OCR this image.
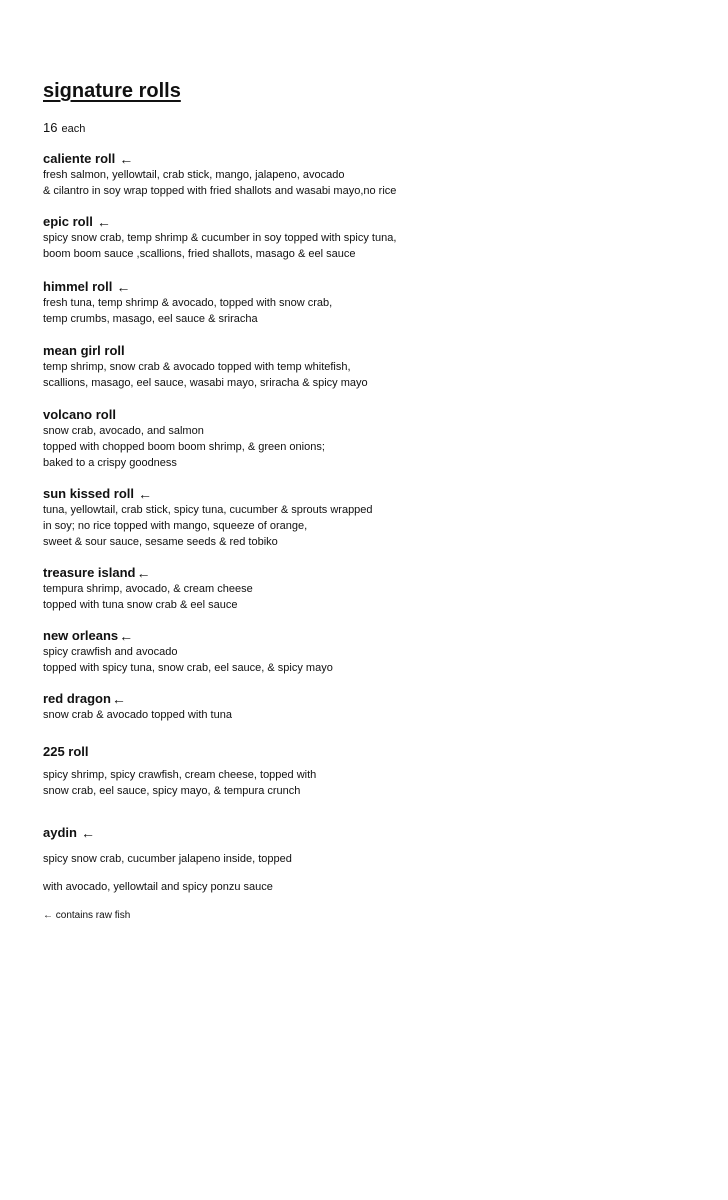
signature rolls
16 each
caliente roll ←
fresh salmon, yellowtail, crab stick, mango, jalapeno, avocado
& cilantro in soy wrap topped with fried shallots and wasabi mayo,no rice
epic roll ←
spicy snow crab, temp shrimp & cucumber in soy topped with spicy tuna,
boom boom sauce ,scallions, fried shallots, masago & eel sauce
himmel roll ←
fresh tuna, temp shrimp & avocado, topped with snow crab,
temp crumbs, masago, eel sauce & sriracha
mean girl roll
temp shrimp, snow crab & avocado topped with temp whitefish,
scallions, masago, eel sauce, wasabi mayo, sriracha & spicy mayo
volcano roll
snow crab, avocado, and salmon
topped with chopped boom boom shrimp, & green onions;
baked to a crispy goodness
sun kissed roll ←
tuna, yellowtail, crab stick, spicy tuna, cucumber & sprouts wrapped
in soy; no rice topped with mango, squeeze of orange,
sweet & sour sauce, sesame seeds & red tobiko
treasure island ←
tempura shrimp, avocado, & cream cheese
topped with tuna snow crab & eel sauce
new orleans ←
spicy crawfish and avocado
topped with spicy tuna, snow crab, eel sauce, & spicy mayo
red dragon ←
snow crab & avocado topped with tuna
225 roll
spicy shrimp, spicy crawfish, cream cheese, topped with
snow crab, eel sauce, spicy mayo, & tempura crunch
aydin ←
spicy snow crab, cucumber jalapeno inside, topped
with avocado, yellowtail and spicy ponzu sauce
← contains raw fish
